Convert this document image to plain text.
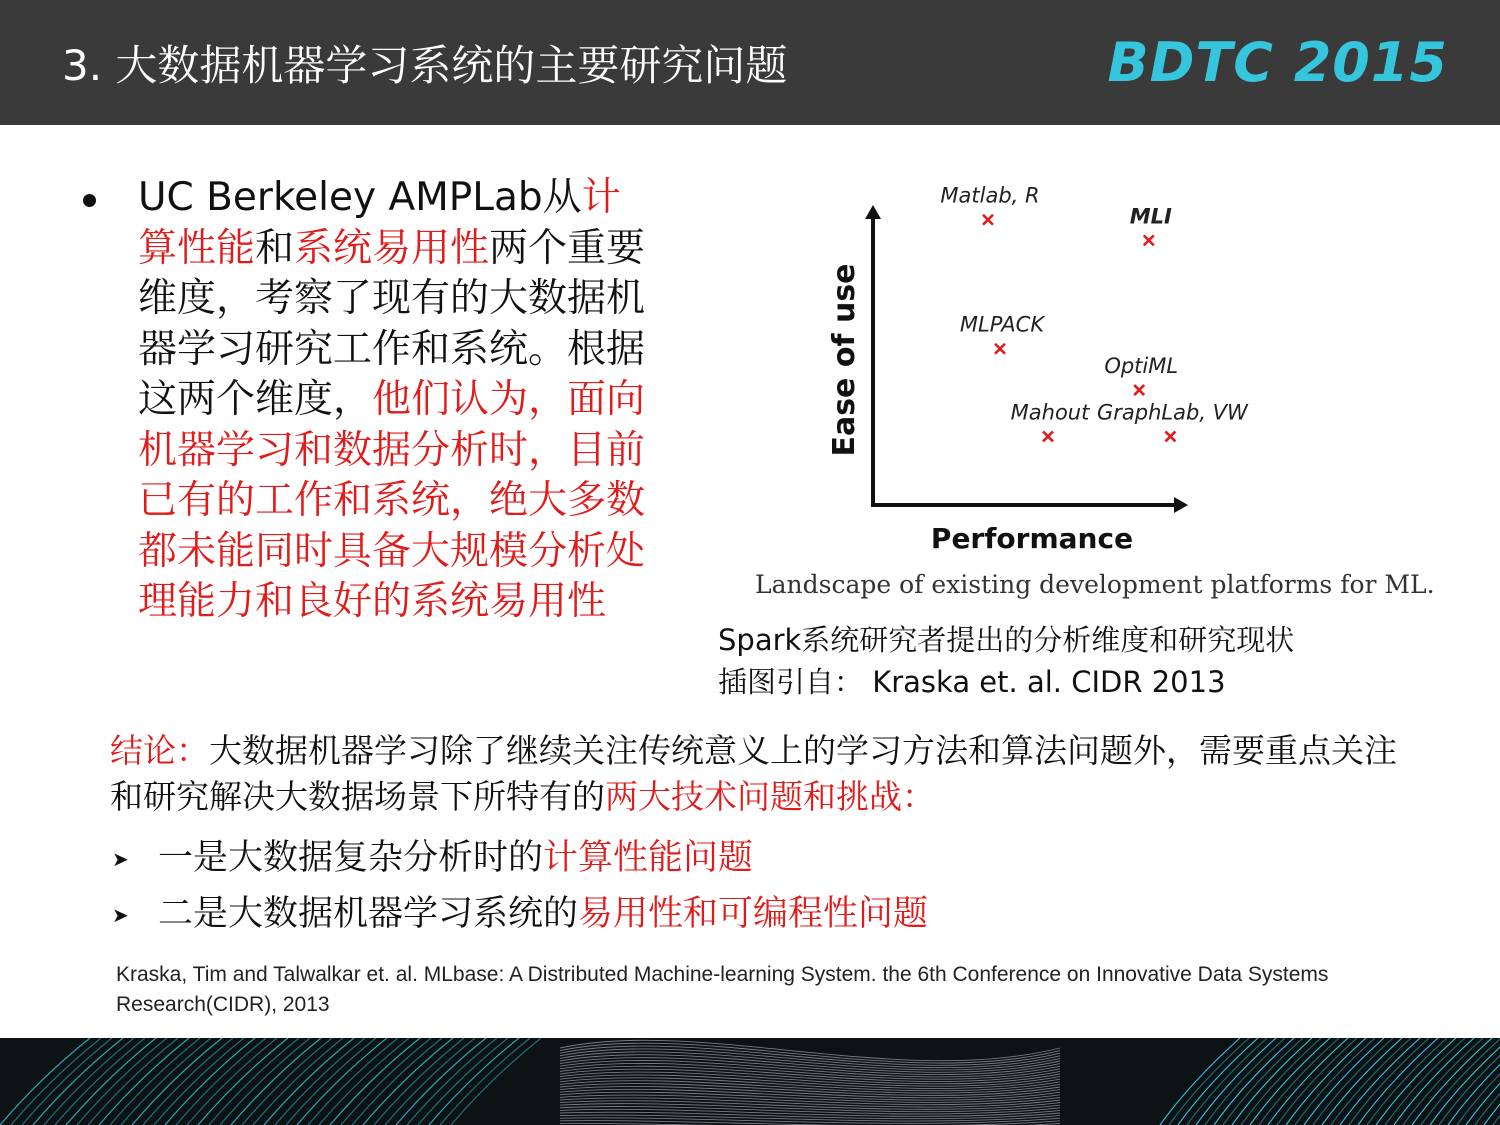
3. 大数据机器学习系统的主要研究问题	BDTC 2015
UC Berkeley AMPLab从计算性能和系统易用性两个重要维度，考察了现有的大数据机器学习研究工作和系统。根据这两个维度，他们认为，面向机器学习和数据分析时，目前已有的工作和系统，绝大多数都未能同时具备大规模分析处理能力和良好的系统易用性
Matlab, R
MLI
MLPACK
OptiML
Mahout GraphLab, VW
Performance
Ease of use
Landscape of existing development platforms for ML.
Spark系统研究者提出的分析维度和研究现状
插图引自： Kraska et. al. CIDR 2013
结论：大数据机器学习除了继续关注传统意义上的学习方法和算法问题外，需要重点关注和研究解决大数据场景下所特有的两大技术问题和挑战：
➤ 一是大数据复杂分析时的计算性能问题
➤ 二是大数据机器学习系统的易用性和可编程性问题
Kraska, Tim and Talwalkar et. al. MLbase: A Distributed Machine-learning System. the 6th Conference on Innovative Data Systems Research(CIDR), 2013
